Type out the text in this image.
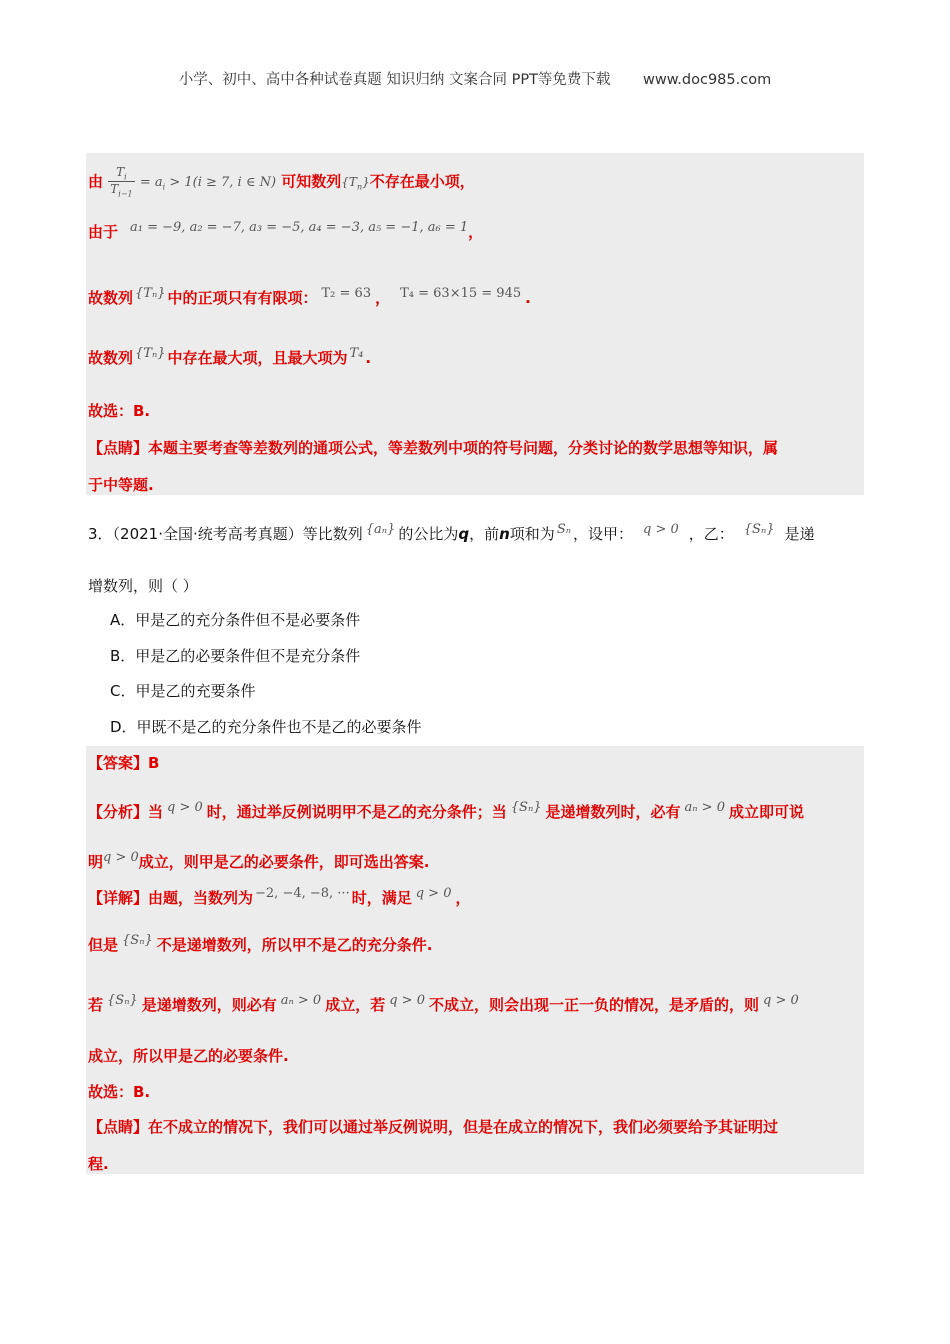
小学、初中、高中各种试卷真题 知识归纳 文案合同 PPT等免费下载 www.doc985.com
由 $\frac{T_i}{T_{i-1}} = a_i > 1(i \ge 7$, i ∈ N) 可知数列$\{T_n\}$不存在最小项，
由于 a₁ = −9, a₂ = −7, a₃ = −5, a₄ = −3, a₅ = −1, a₆ = 1，
故数列 {Tₙ} 中的正项只有有限项： T₂ = 63 ， T₄ = 63×15 = 945 .
故数列 {Tₙ} 中存在最大项，且最大项为 T₄ .
故选：B.
【点睛】本题主要考查等差数列的通项公式，等差数列中项的符号问题，分类讨论的数学思想等知识，属
于中等题.
3．（2021·全国·统考高考真题）等比数列 {aₙ} 的公比为q，前n项和为 Sₙ ，设甲： q > 0 ，乙： {Sₙ} 是递
增数列，则（ ）
A．甲是乙的充分条件但不是必要条件
B．甲是乙的必要条件但不是充分条件
C．甲是乙的充要条件
D．甲既不是乙的充分条件也不是乙的必要条件
【答案】B
【分析】当 q > 0 时，通过举反例说明甲不是乙的充分条件；当 {Sₙ} 是递增数列时，必有 aₙ > 0 成立即可说
明q > 0成立，则甲是乙的必要条件，即可选出答案.
【详解】由题，当数列为 −2, −4, −8, ··· 时，满足 q > 0 ，
但是 {Sₙ} 不是递增数列，所以甲不是乙的充分条件.
若 {Sₙ} 是递增数列，则必有 aₙ > 0 成立，若 q > 0 不成立，则会出现一正一负的情况，是矛盾的，则 q > 0
成立，所以甲是乙的必要条件.
故选：B.
【点睛】在不成立的情况下，我们可以通过举反例说明，但是在成立的情况下，我们必须要给予其证明过
程.
